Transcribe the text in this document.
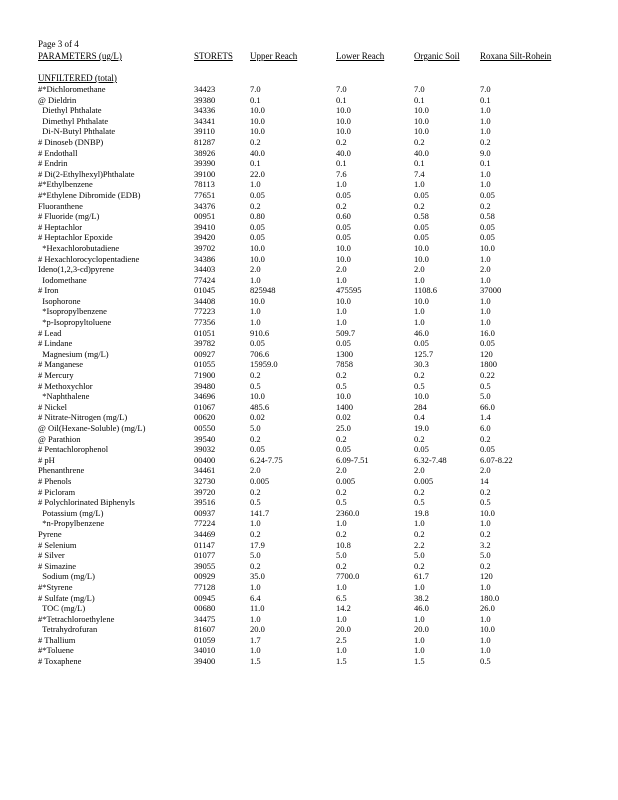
Page 3 of 4
PARAMETERS (ug/L)	STORETS	Upper Reach	Lower Reach	Organic Soil	Roxana Silt-Rohein
UNFILTERED (total)
#*Dichloromethane	34423	7.0	7.0	7.0	7.0
@ Dieldrin	39380	0.1	0.1	0.1	0.1
Diethyl Phthalate	34336	10.0	10.0	10.0	1.0
Dimethyl Phthalate	34341	10.0	10.0	10.0	1.0
Di-N-Butyl Phthalate	39110	10.0	10.0	10.0	1.0
# Dinoseb (DNBP)	81287	0.2	0.2	0.2	0.2
# Endothall	38926	40.0	40.0	40.0	9.0
# Endrin	39390	0.1	0.1	0.1	0.1
# Di(2-Ethylhexyl)Phthalate	39100	22.0	7.6	7.4	1.0
#*Ethylbenzene	78113	1.0	1.0	1.0	1.0
#*Ethylene Dibromide (EDB)	77651	0.05	0.05	0.05	0.05
Fluoranthene	34376	0.2	0.2	0.2	0.2
# Fluoride (mg/L)	00951	0.80	0.60	0.58	0.58
# Heptachlor	39410	0.05	0.05	0.05	0.05
# Heptachlor Epoxide	39420	0.05	0.05	0.05	0.05
*Hexachlorobutadiene	39702	10.0	10.0	10.0	10.0
# Hexachlorocyclopentadiene	34386	10.0	10.0	10.0	1.0
Ideno(1,2,3-cd)pyrene	34403	2.0	2.0	2.0	2.0
Iodomethane	77424	1.0	1.0	1.0	1.0
# Iron	01045	825948	475595	1108.6	37000
Isophorone	34408	10.0	10.0	10.0	1.0
*Isopropylbenzene	77223	1.0	1.0	1.0	1.0
*p-Isopropyltoluene	77356	1.0	1.0	1.0	1.0
# Lead	01051	910.6	509.7	46.0	16.0
# Lindane	39782	0.05	0.05	0.05	0.05
Magnesium (mg/L)	00927	706.6	1300	125.7	120
# Manganese	01055	15959.0	7858	30.3	1800
# Mercury	71900	0.2	0.2	0.2	0.22
# Methoxychlor	39480	0.5	0.5	0.5	0.5
*Naphthalene	34696	10.0	10.0	10.0	5.0
# Nickel	01067	485.6	1400	284	66.0
# Nitrate-Nitrogen (mg/L)	00620	0.02	0.02	0.4	1.4
@ Oil(Hexane-Soluble) (mg/L)	00550	5.0	25.0	19.0	6.0
@ Parathion	39540	0.2	0.2	0.2	0.2
# Pentachlorophenol	39032	0.05	0.05	0.05	0.05
# pH	00400	6.24-7.75	6.09-7.51	6.32-7.48	6.07-8.22
Phenanthrene	34461	2.0	2.0	2.0	2.0
# Phenols	32730	0.005	0.005	0.005	14
# Picloram	39720	0.2	0.2	0.2	0.2
# Polychlorinated Biphenyls	39516	0.5	0.5	0.5	0.5
Potassium (mg/L)	00937	141.7	2360.0	19.8	10.0
*n-Propylbenzene	77224	1.0	1.0	1.0	1.0
Pyrene	34469	0.2	0.2	0.2	0.2
# Selenium	01147	17.9	10.8	2.2	3.2
# Silver	01077	5.0	5.0	5.0	5.0
# Simazine	39055	0.2	0.2	0.2	0.2
Sodium (mg/L)	00929	35.0	7700.0	61.7	120
#*Styrene	77128	1.0	1.0	1.0	1.0
# Sulfate (mg/L)	00945	6.4	6.5	38.2	180.0
TOC (mg/L)	00680	11.0	14.2	46.0	26.0
#*Tetrachloroethylene	34475	1.0	1.0	1.0	1.0
Tetrahydrofuran	81607	20.0	20.0	20.0	10.0
# Thallium	01059	1.7	2.5	1.0	1.0
#*Toluene	34010	1.0	1.0	1.0	1.0
# Toxaphene	39400	1.5	1.5	1.5	0.5
